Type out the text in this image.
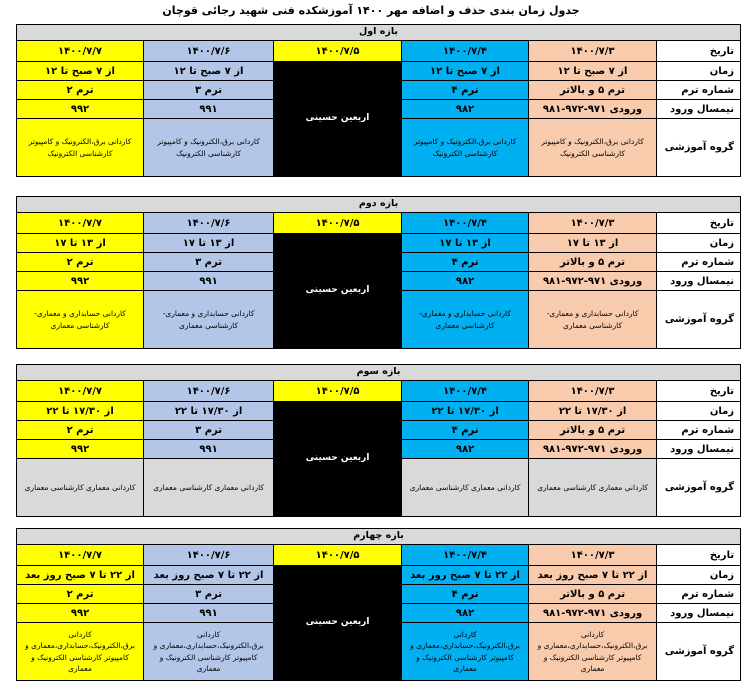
جدول زمان بندی حذف و اضافه مهر ۱۴۰۰ آموزشکده فنی شهید رجائی قوچان
بازه اول					
تاریخ	۱۴۰۰/۷/۳	۱۴۰۰/۷/۴	۱۴۰۰/۷/۵	۱۴۰۰/۷/۶	۱۴۰۰/۷/۷
زمان	از ۷ صبح تا ۱۲	از ۷ صبح تا ۱۲	اربعین حسینی	از ۷ صبح تا ۱۲	از ۷ صبح تا ۱۲
شماره ترم	ترم ۵ و بالاتر	ترم ۴		ترم ۳	ترم ۲
نیمسال ورود	ورودی ۹۷۱-۹۷۲-۹۸۱	۹۸۲		۹۹۱	۹۹۲
گروه آموزشی	کاردانی برق،الکترونیک و کامپیوتر کارشناسی الکترونیک	کاردانی برق،الکترونیک و کامپیوتر کارشناسی الکترونیک		کاردانی برق،الکترونیک و کامپیوتر کارشناسی الکترونیک	کاردانی برق،الکترونیک و کامپیوتر کارشناسی الکترونیک
بازه دوم					
تاریخ	۱۴۰۰/۷/۳	۱۴۰۰/۷/۴	۱۴۰۰/۷/۵	۱۴۰۰/۷/۶	۱۴۰۰/۷/۷
زمان	از ۱۳ تا ۱۷	از ۱۳ تا ۱۷	اربعین حسینی	از ۱۳ تا ۱۷	از ۱۳ تا ۱۷
شماره ترم	ترم ۵ و بالاتر	ترم ۴		ترم ۳	ترم ۲
نیمسال ورود	ورودی ۹۷۱-۹۷۲-۹۸۱	۹۸۲		۹۹۱	۹۹۲
گروه آموزشی	کاردانی حسابداری و معماری- کارشناسی معماری	کاردانی حسابداری و معماری- کارشناسی معماری		کاردانی حسابداری و معماری- کارشناسی معماری	کاردانی حسابداری و معماری- کارشناسی معماری
بازه سوم					
تاریخ	۱۴۰۰/۷/۳	۱۴۰۰/۷/۴	۱۴۰۰/۷/۵	۱۴۰۰/۷/۶	۱۴۰۰/۷/۷
زمان	از ۱۷/۳۰ تا ۲۲	از ۱۷/۳۰ تا ۲۲	اربعین حسینی	از ۱۷/۳۰ تا ۲۲	از ۱۷/۳۰ تا ۲۲
شماره ترم	ترم ۵ و بالاتر	ترم ۴		ترم ۳	ترم ۲
نیمسال ورود	ورودی ۹۷۱-۹۷۲-۹۸۱	۹۸۲		۹۹۱	۹۹۲
گروه آموزشی	کاردانی معماری کارشناسی معماری	کاردانی معماری کارشناسی معماری		کاردانی معماری کارشناسی معماری	کاردانی معماری کارشناسی معماری
بازه چهارم					
تاریخ	۱۴۰۰/۷/۳	۱۴۰۰/۷/۴	۱۴۰۰/۷/۵	۱۴۰۰/۷/۶	۱۴۰۰/۷/۷
زمان	از ۲۲ تا ۷ صبح روز بعد	از ۲۲ تا ۷ صبح روز بعد	اربعین حسینی	از ۲۲ تا ۷ صبح روز بعد	از ۲۲ تا ۷ صبح روز بعد
شماره ترم	ترم ۵ و بالاتر	ترم ۴		ترم ۳	ترم ۲
نیمسال ورود	ورودی ۹۷۱-۹۷۲-۹۸۱	۹۸۲		۹۹۱	۹۹۲
گروه آموزشی	کاردانی برق،الکترونیک،حسابداری،معماری و کامپیوتر کارشناسی الکترونیک و معماری	کاردانی برق،الکترونیک،حسابداری،معماری و کامپیوتر کارشناسی الکترونیک و معماری		کاردانی برق،الکترونیک،حسابداری،معماری و کامپیوتر کارشناسی الکترونیک و معماری	کاردانی برق،الکترونیک،حسابداری،معماری و کامپیوتر کارشناسی الکترونیک و معماری
